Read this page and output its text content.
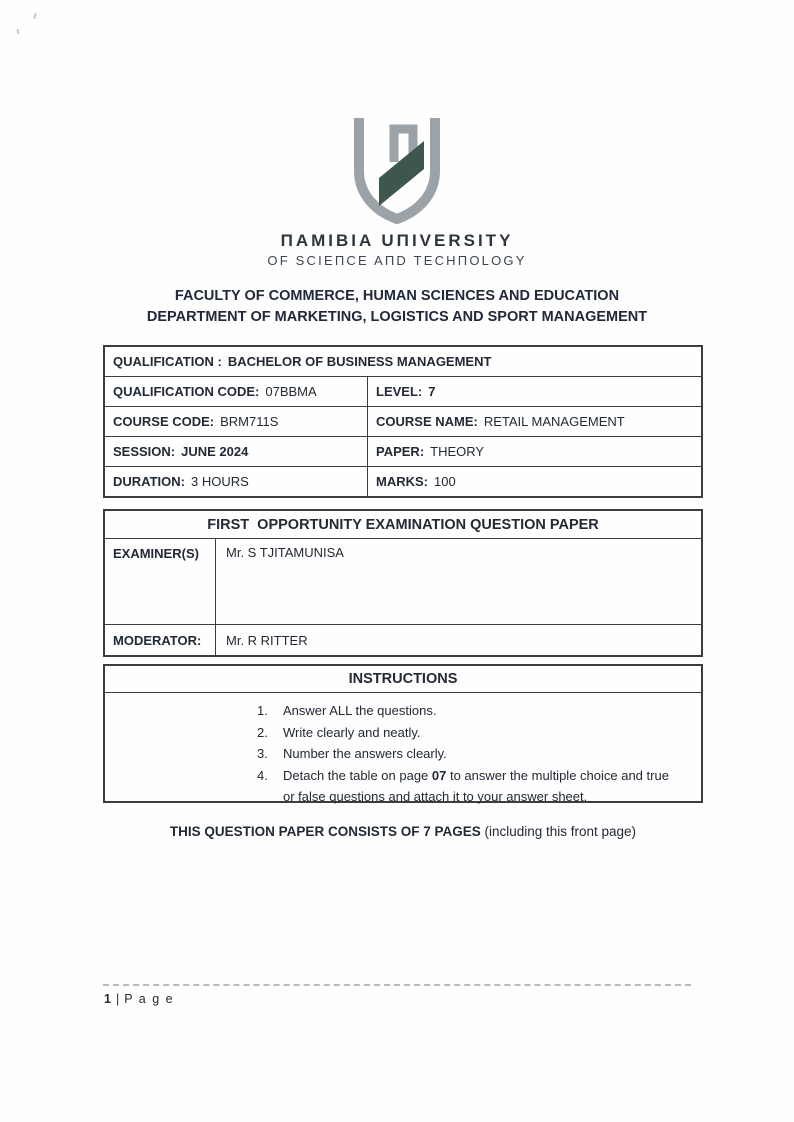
ΠAMIBIA UΠIVERSITY
OF SCIEΠCE AΠD TECHΠOLOGY
FACULTY OF COMMERCE, HUMAN SCIENCES AND EDUCATION
DEPARTMENT OF MARKETING, LOGISTICS AND SPORT MANAGEMENT
QUALIFICATION : BACHELOR OF BUSINESS MANAGEMENT
QUALIFICATION CODE: 07BBMA	LEVEL: 7
COURSE CODE: BRM711S	COURSE NAME: RETAIL MANAGEMENT
SESSION: JUNE 2024	PAPER: THEORY
DURATION: 3 HOURS	MARKS: 100
FIRST  OPPORTUNITY EXAMINATION QUESTION PAPER
EXAMINER(S)	Mr. S TJITAMUNISA
MODERATOR:	Mr. R RITTER
INSTRUCTIONS
1.	Answer ALL the questions.
2.	Write clearly and neatly.
3.	Number the answers clearly.
4.	Detach the table on page 07 to answer the multiple choice and true or false questions and attach it to your answer sheet.
THIS QUESTION PAPER CONSISTS OF 7 PAGES (including this front page)
1 | P a g e
